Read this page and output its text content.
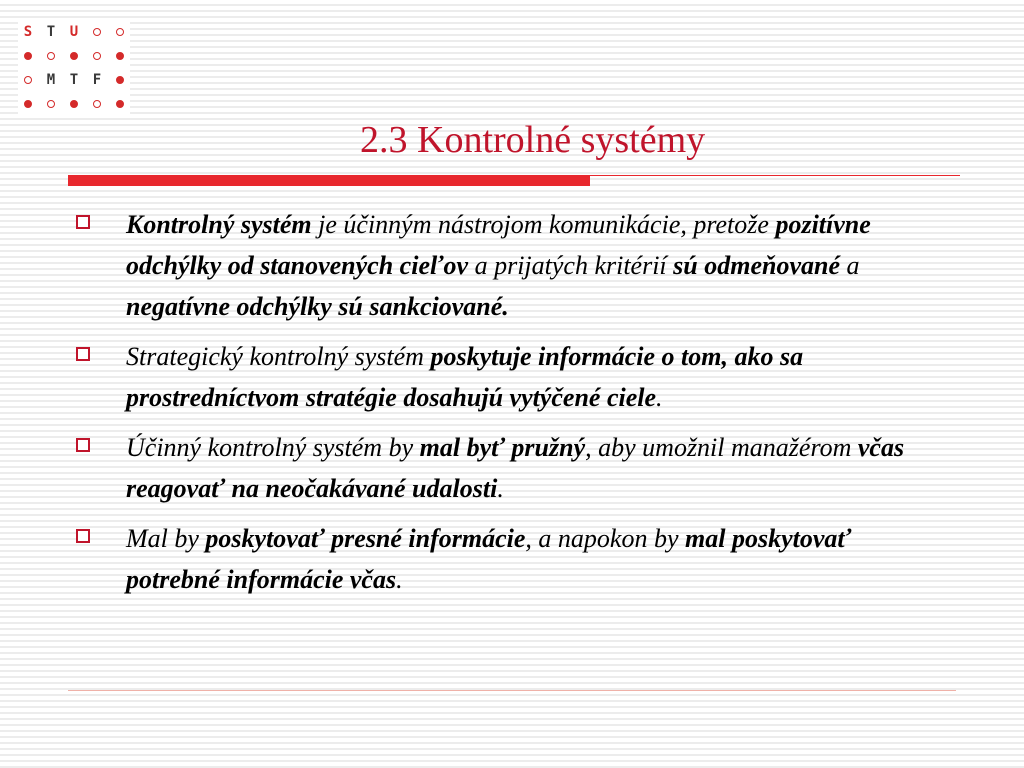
S	T	U
M	T	F
2.3 Kontrolné systémy
Kontrolný systém je účinným nástrojom komunikácie, pretože pozitívne odchýlky od stanovených cieľov a prijatých kritérií sú odmeňované a negatívne odchýlky sú sankciované.
Strategický kontrolný systém poskytuje informácie o tom, ako sa prostredníctvom stratégie dosahujú vytýčené ciele.
Účinný kontrolný systém by mal byť pružný, aby umožnil manažérom včas reagovať na neočakávané udalosti.
Mal by poskytovať presné informácie, a napokon by mal poskytovať potrebné informácie včas.
